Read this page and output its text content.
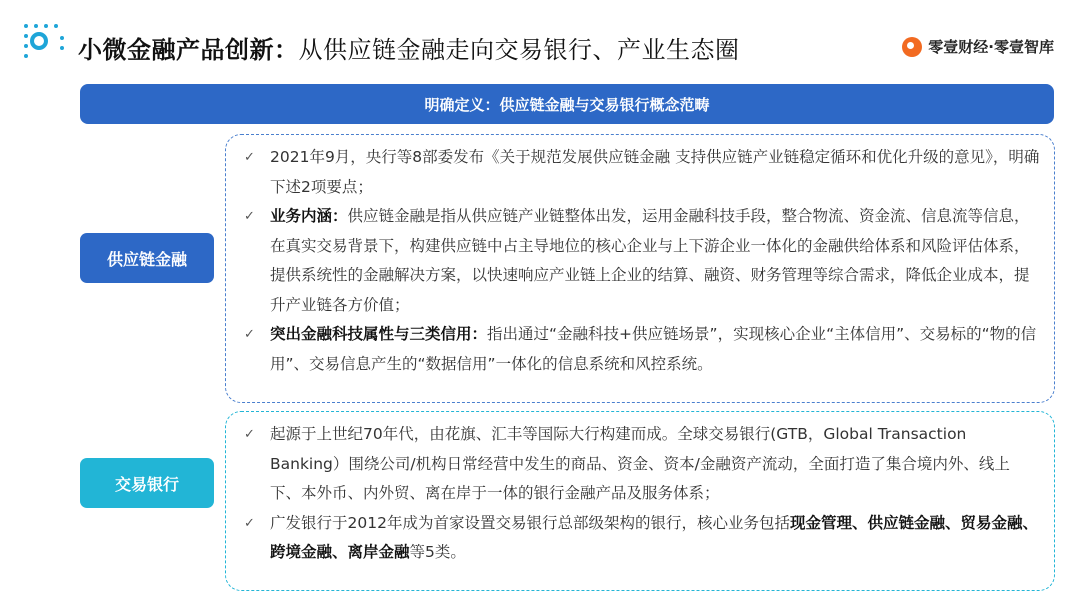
小微金融产品创新：从供应链金融走向交易银行、产业生态圈	零壹财经·零壹智库
明确定义：供应链金融与交易银行概念范畴
供应链金融
✓ 2021年9月，央行等8部委发布《关于规范发展供应链金融 支持供应链产业链稳定循环和优化升级的意见》，明确下述2项要点；
✓ 业务内涵：供应链金融是指从供应链产业链整体出发，运用金融科技手段，整合物流、资金流、信息流等信息，在真实交易背景下，构建供应链中占主导地位的核心企业与上下游企业一体化的金融供给体系和风险评估体系，提供系统性的金融解决方案，以快速响应产业链上企业的结算、融资、财务管理等综合需求，降低企业成本，提升产业链各方价值；
✓ 突出金融科技属性与三类信用：指出通过“金融科技+供应链场景”，实现核心企业“主体信用”、交易标的“物的信用”、交易信息产生的“数据信用”一体化的信息系统和风控系统。
交易银行
✓ 起源于上世纪70年代，由花旗、汇丰等国际大行构建而成。全球交易银行(GTB，Global Transaction Banking）围绕公司/机构日常经营中发生的商品、资金、资本/金融资产流动，全面打造了集合境内外、线上下、本外币、内外贸、离在岸于一体的银行金融产品及服务体系；
✓ 广发银行于2012年成为首家设置交易银行总部级架构的银行，核心业务包括现金管理、供应链金融、贸易金融、跨境金融、离岸金融等5类。
